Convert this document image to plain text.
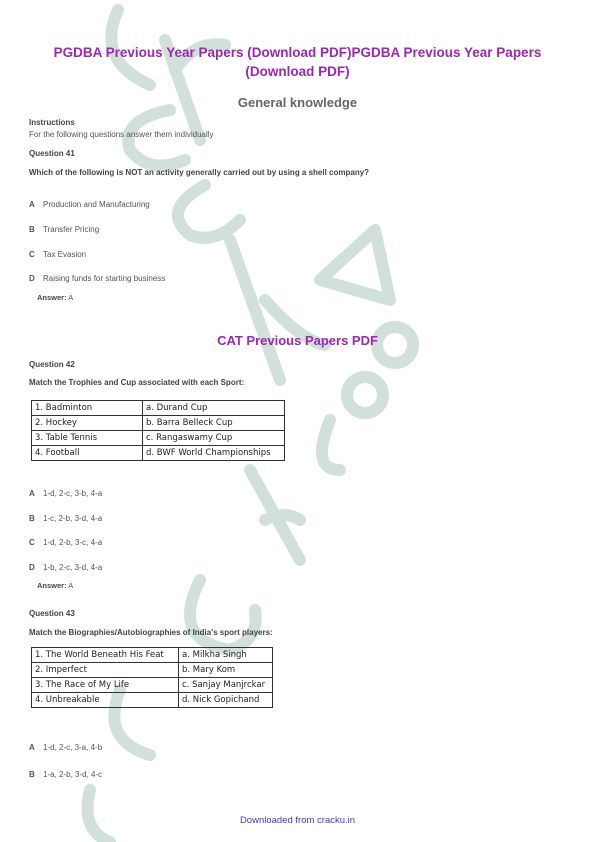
PGDBA Previous Year Papers (Download PDF)PGDBA Previous Year Papers (Download PDF)
General knowledge
Instructions
For the following questions answer them individually
Question 41
Which of the following is NOT an activity generally carried out by using a shell company?
A Production and Manufacturing
B Transfer Pricing
C Tax Evasion
D Raising funds for starting business
Answer: A
CAT Previous Papers PDF
Question 42
Match the Trophies and Cup associated with each Sport:
1. Badminton	a. Durand Cup
2. Hockey	b. Barra Belleck Cup
3. Table Tennis	c. Rangaswamy Cup
4. Football	d. BWF World Championships
A 1-d, 2-c, 3-b, 4-a
B 1-c, 2-b, 3-d, 4-a
C 1-d, 2-b, 3-c, 4-a
D 1-b, 2-c, 3-d, 4-a
Answer: A
Question 43
Match the Biographies/Autobiographies of India's sport players:
1. The World Beneath His Feat	a. Milkha Singh
2. Imperfect	b. Mary Kom
3. The Race of My Life	c. Sanjay Manjrckar
4. Unbreakable	d. Nick Gopichand
A 1-d, 2-c, 3-a, 4-b
B 1-a, 2-b, 3-d, 4-c
Downloaded from cracku.in
